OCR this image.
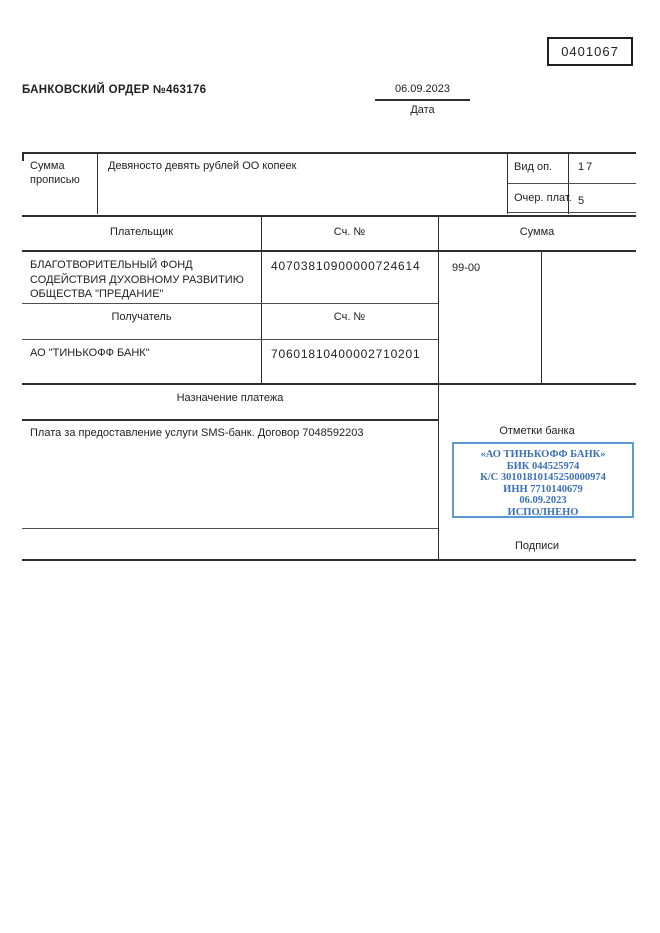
0401067
БАНКОВСКИЙ ОРДЕР №463176	06.09.2023
Дата
Сумма прописью
Девяносто девять рублей ОО копеек	Вид оп. 17
Очер. плат. 5
Плательщик	Сч. №	Сумма
БЛАГОТВОРИТЕЛЬНЫЙ ФОНД СОДЕЙСТВИЯ ДУХОВНОМУ РАЗВИТИЮ ОБЩЕСТВА "ПРЕДАНИЕ"
40703810900000724614	99-00
Получатель	Сч. №
АО "ТИНЬКОФФ БАНК"	70601810400002710201
Назначение платежа
Плата за предоставление услуги SMS-банк. Договор 7048592203	Отметки банка
«АО ТИНЬКОФФ БАНК»
БИК 044525974
К/С 30101810145250000974
ИНН 7710140679
06.09.2023
ИСПОЛНЕНО
Подписи
